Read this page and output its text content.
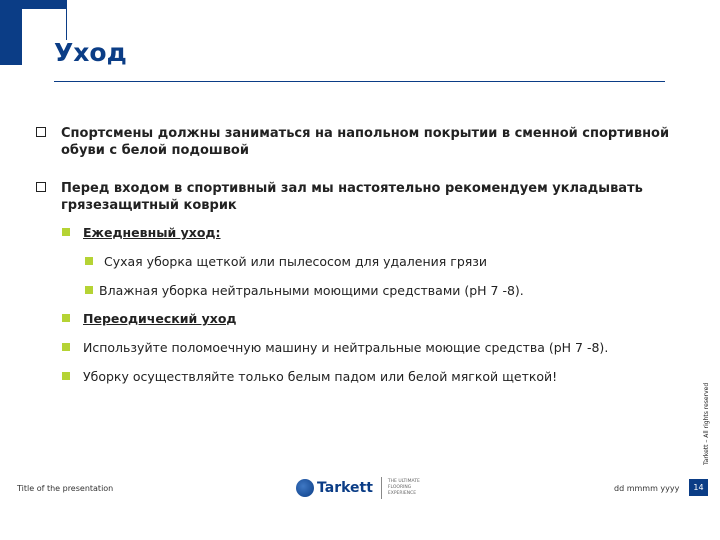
Уход
Спортсмены должны заниматься на напольном покрытии в сменной спортивной обуви с белой подошвой
Перед входом в спортивный зал мы настоятельно рекомендуем укладывать грязезащитный коврик
Ежедневный уход:
Сухая уборка щеткой или пылесосом для удаления грязи
Влажная уборка нейтральными моющими средствами (рН 7 -8).
Переодический уход
Используйте поломоечную машину и нейтральные моющие средства (рН 7 -8).
Уборку осуществляйте только белым падом или белой мягкой щеткой!
Tarkett – All rights reserved
Title of the presentation	Tarkett	THE ULTIMATE FLOORING EXPERIENCE
dd mmmm yyyy	14
